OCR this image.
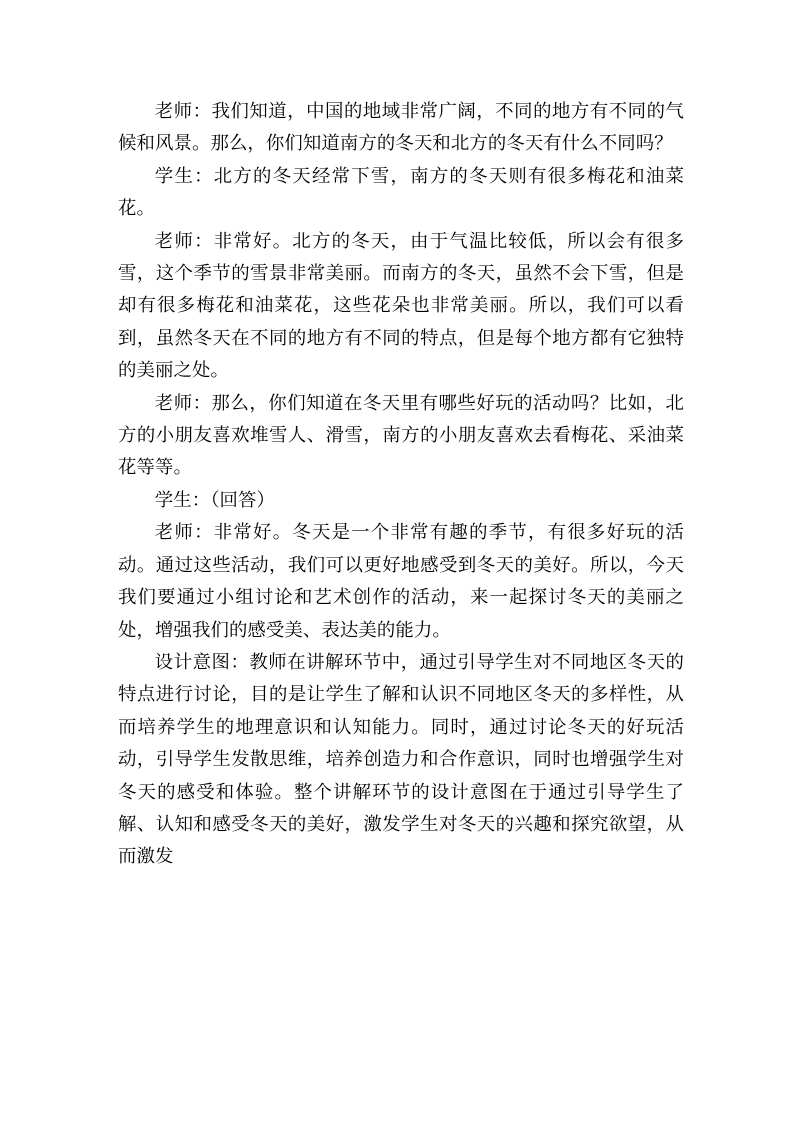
老师：我们知道，中国的地域非常广阔，不同的地方有不同的气候和风景。那么，你们知道南方的冬天和北方的冬天有什么不同吗？

学生：北方的冬天经常下雪，南方的冬天则有很多梅花和油菜花。

老师：非常好。北方的冬天，由于气温比较低，所以会有很多雪，这个季节的雪景非常美丽。而南方的冬天，虽然不会下雪，但是却有很多梅花和油菜花，这些花朵也非常美丽。所以，我们可以看到，虽然冬天在不同的地方有不同的特点，但是每个地方都有它独特的美丽之处。

老师：那么，你们知道在冬天里有哪些好玩的活动吗？比如，北方的小朋友喜欢堆雪人、滑雪，南方的小朋友喜欢去看梅花、采油菜花等等。

学生：（回答）

老师：非常好。冬天是一个非常有趣的季节，有很多好玩的活动。通过这些活动，我们可以更好地感受到冬天的美好。所以，今天我们要通过小组讨论和艺术创作的活动，来一起探讨冬天的美丽之处，增强我们的感受美、表达美的能力。

设计意图：教师在讲解环节中，通过引导学生对不同地区冬天的特点进行讨论，目的是让学生了解和认识不同地区冬天的多样性，从而培养学生的地理意识和认知能力。同时，通过讨论冬天的好玩活动，引导学生发散思维，培养创造力和合作意识，同时也增强学生对冬天的感受和体验。整个讲解环节的设计意图在于通过引导学生了解、认知和感受冬天的美好，激发学生对冬天的兴趣和探究欲望，从而激发
